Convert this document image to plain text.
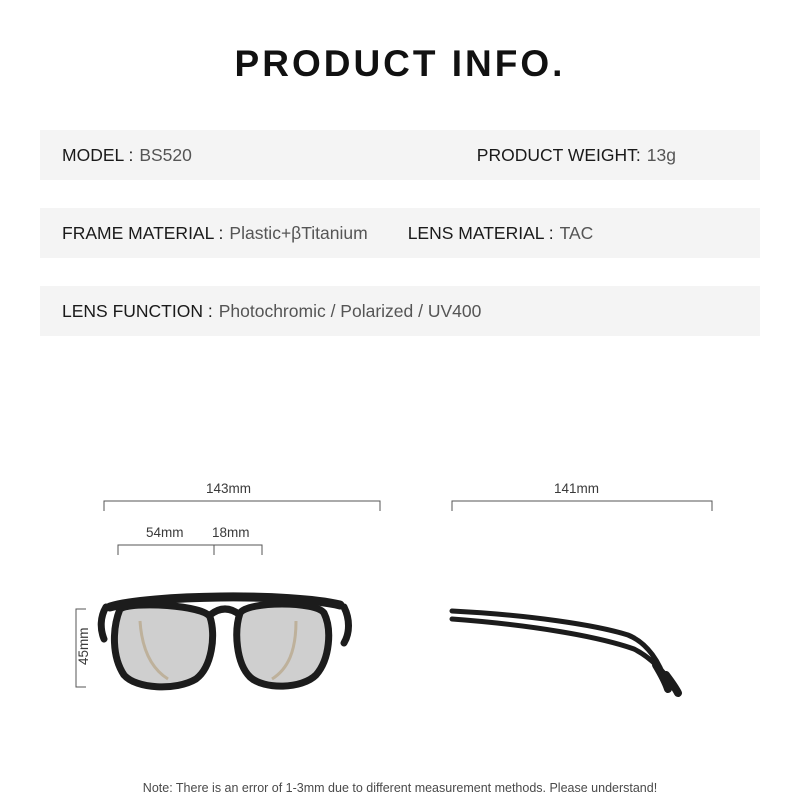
PRODUCT INFO.
MODEL : BS520	PRODUCT WEIGHT: 13g
FRAME MATERIAL : Plastic+βTitanium LENS MATERIAL : TAC
LENS FUNCTION : Photochromic / Polarized / UV400
143mm
54mm 18mm
45mm
141mm
Note: There is an error of 1-3mm due to different measurement methods. Please understand!
